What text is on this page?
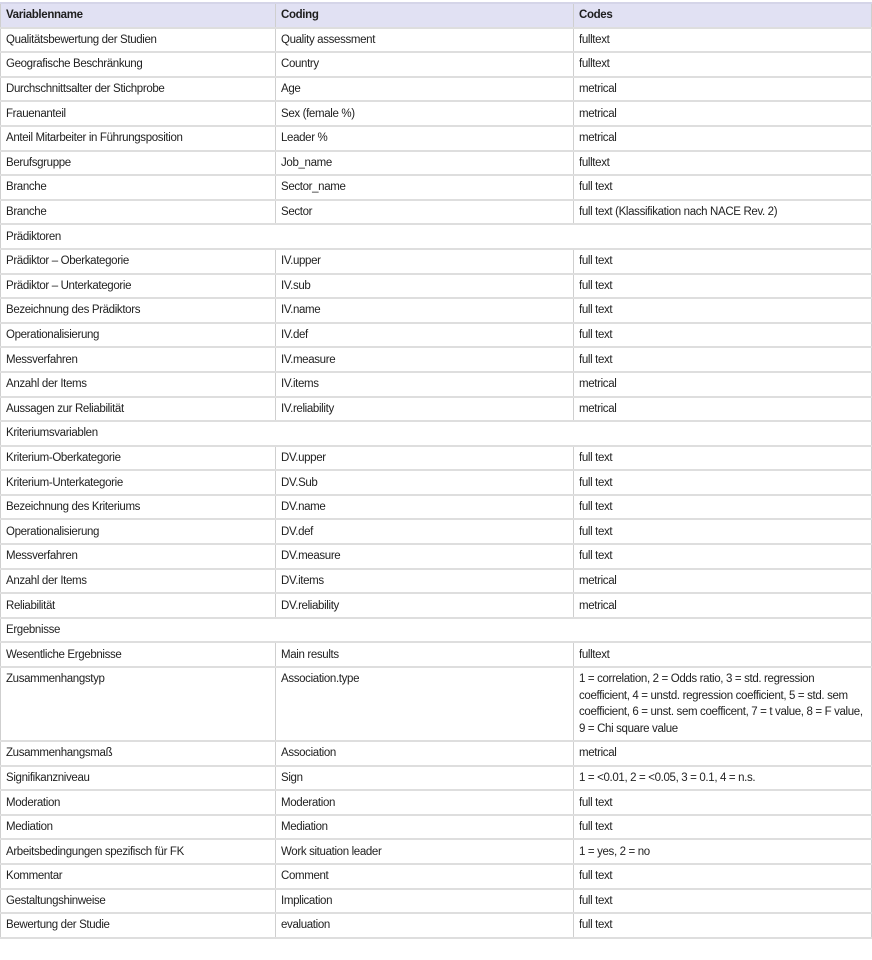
Variablenname	Coding	Codes
Qualitätsbewertung der Studien	Quality assessment	fulltext
Geografische Beschränkung	Country	fulltext
Durchschnittsalter der Stichprobe	Age	metrical
Frauenanteil	Sex (female %)	metrical
Anteil Mitarbeiter in Führungsposition	Leader %	metrical
Berufsgruppe	Job_name	fulltext
Branche	Sector_name	full text
Branche	Sector	full text (Klassifikation nach NACE Rev. 2)
Prädiktoren		
Prädiktor – Oberkategorie	IV.upper	full text
Prädiktor – Unterkategorie	IV.sub	full text
Bezeichnung des Prädiktors	IV.name	full text
Operationalisierung	IV.def	full text
Messverfahren	IV.measure	full text
Anzahl der Items	IV.items	metrical
Aussagen zur Reliabilität	IV.reliability	metrical
Kriteriumsvariablen		
Kriterium-Oberkategorie	DV.upper	full text
Kriterium-Unterkategorie	DV.Sub	full text
Bezeichnung des Kriteriums	DV.name	full text
Operationalisierung	DV.def	full text
Messverfahren	DV.measure	full text
Anzahl der Items	DV.items	metrical
Reliabilität	DV.reliability	metrical
Ergebnisse		
Wesentliche Ergebnisse	Main results	fulltext
Zusammenhangstyp	Association.type	1 = correlation, 2 = Odds ratio, 3 = std. regression coefficient, 4 = unstd. regression coefficient, 5 = std. sem coefficient, 6 = unst. sem coefficent, 7 = t value, 8 = F value, 9 = Chi square value
Zusammenhangsmaß	Association	metrical
Signifikanzniveau	Sign	1 = <0.01, 2 = <0.05, 3 = 0.1, 4 = n.s.
Moderation	Moderation	full text
Mediation	Mediation	full text
Arbeitsbedingungen spezifisch für FK	Work situation leader	1 = yes, 2 = no
Kommentar	Comment	full text
Gestaltungshinweise	Implication	full text
Bewertung der Studie	evaluation	full text
